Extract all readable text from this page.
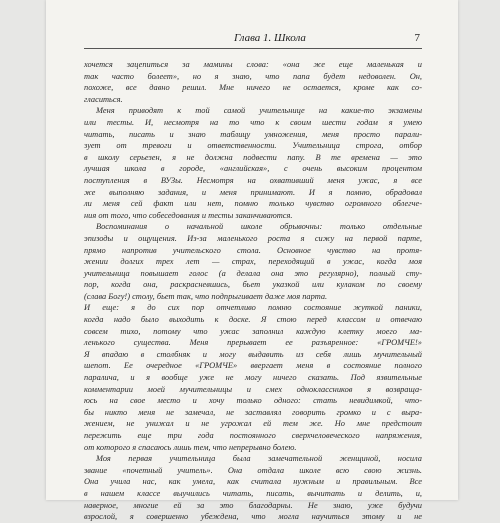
Глава 1. Школа	7
хочется зацепиться за мамины слова: «она же еще маленькая и
так часто болеет», но я знаю, что папа будет недоволен. Он,
похоже, все давно решил. Мне ничего не остается, кроме как со-
гласиться.
Меня приводят к той самой учительнице на какие-то экзамены
или тесты. И, несмотря на то что к своим шести годам я умею
читать, писать и знаю таблицу умножения, меня просто парали-
зует от тревоги и ответственности. Учительница строга, отбор
в школу серьезен, я не должна подвести папу. В те времена — это
лучшая школа в городе, «английская», с очень высоким процентом
поступления в ВУЗы. Несмотря на охвативший меня ужас, я все
же выполняю задания, и меня принимают. И я помню, обрадовал
ли меня сей факт или нет, помню только чувство огромного облегче-
ния от того, что собеседования и тесты заканчиваются.
Воспоминания о начальной школе обрывочны: только отдельные
эпизоды и ощущения. Из-за маленького роста я сижу на первой парте,
прямо напротив учительского стола. Основное чувство на протя-
жении долгих трех лет — страх, переходящий в ужас, когда моя
учительница повышает голос (а делала она это регулярно), полный сту-
пор, когда она, раскрасневшись, бьет указкой или кулаком по своему
(слава Богу!) столу, бьет так, что подпрыгивает даже моя парта.
И еще: я до сих пор отчетливо помню состояние жуткой паники,
когда надо было выходить к доске. Я стою перед классом и отвечаю
совсем тихо, потому что ужас заполнил каждую клетку моего ма-
ленького существа. Меня прерывает ее разъяренное: «ГРОМЧЕ!»
Я впадаю в столбняк и могу выдавить из себя лишь мучительный
шепот. Ее очередное «ГРОМЧЕ» ввергает меня в состояние полного
паралича, и я вообще уже не могу ничего сказать. Под язвительные
комментарии моей мучительницы и смех одноклассников я возвраща-
юсь на свое место и хочу только одного: стать невидимкой, что-
бы никто меня не замечал, не заставлял говорить громко и с выра-
жением, не унижал и не угрожал ей тем же. Но мне предстоит
пережить еще три года постоянного сверхчеловеческого напряжения,
от которого я спасаюсь лишь тем, что непрерывно болею.
Моя первая учительница была замечательной женщиной, носила
звание «почетный учитель». Она отдала школе всю свою жизнь.
Она учила нас, как умела, как считала нужным и правильным. Все
в нашем классе выучились читать, писать, вычитать и делить, и,
наверное, многие ей за это благодарны. Не знаю, уже будучи
взрослой, я совершенно убеждена, что могла научиться этому и не
